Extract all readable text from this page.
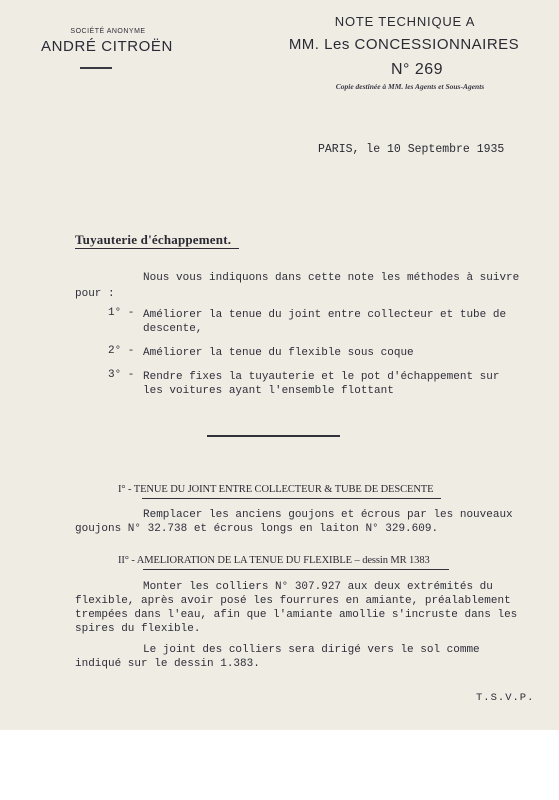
SOCIÉTÉ ANONYME
ANDRÉ CITROËN
NOTE TECHNIQUE A
MM. Les CONCESSIONNAIRES
N° 269
Copie destinée à MM. les Agents et Sous-Agents
PARIS, le 10 Septembre 1935
Tuyauterie d'échappement.
Nous vous indiquons dans cette note les méthodes à suivre
pour :
1° - Améliorer la tenue du joint entre collecteur et tube de
descente,
2° - Améliorer la tenue du flexible sous coque
3° - Rendre fixes la tuyauterie et le pot d'échappement sur
les voitures ayant l'ensemble flottant
I° - TENUE DU JOINT ENTRE COLLECTEUR & TUBE DE DESCENTE
Remplacer les anciens goujons et écrous par les nouveaux
goujons N° 32.738 et écrous longs en laiton N° 329.609.
II° - AMELIORATION DE LA TENUE DU FLEXIBLE – dessin MR 1383
Monter les colliers N° 307.927 aux deux extrémités du
flexible, après avoir posé les fourrures en amiante, préalablement
trempées dans l'eau, afin que l'amiante amollie s'incruste dans les
spires du flexible.
Le joint des colliers sera dirigé vers le sol comme
indiqué sur le dessin 1.383.
T.S.V.P.
